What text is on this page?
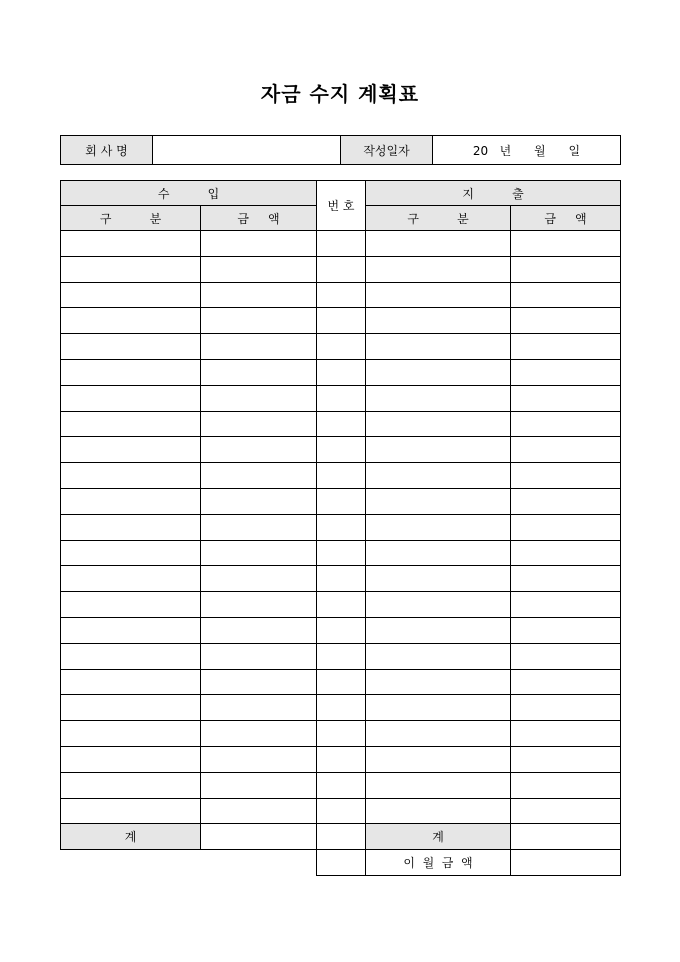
자금 수지 계획표
회 사 명		작성일자	20   년      월      일
수          입		번 호	지          출	
구          분	금     액		구          분	금     액

계			계	
			이  월  금  액	
